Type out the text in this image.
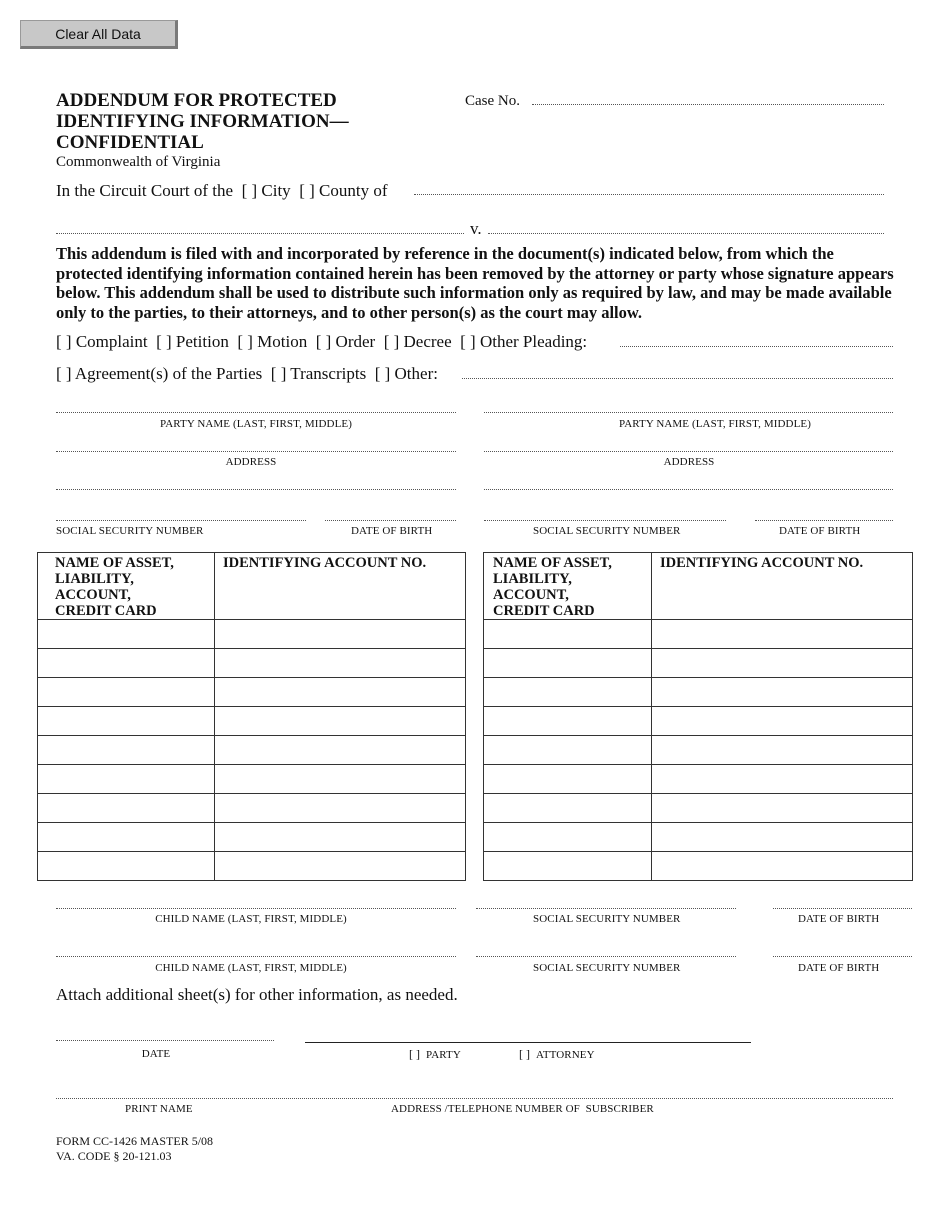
Clear All Data
ADDENDUM FOR PROTECTED
IDENTIFYING INFORMATION—
CONFIDENTIAL
Commonwealth of Virginia
Case No.
In the Circuit Court of the [ ] City [ ] County of
v.
This addendum is filed with and incorporated by reference in the document(s) indicated below, from which the protected identifying information contained herein has been removed by the attorney or party whose signature appears below. This addendum shall be used to distribute such information only as required by law, and may be made available only to the parties, to their attorneys, and to other person(s) as the court may allow.
[ ] Complaint [ ] Petition [ ] Motion [ ] Order [ ] Decree [ ] Other Pleading:
[ ] Agreement(s) of the Parties [ ] Transcripts [ ] Other:
PARTY NAME (LAST, FIRST, MIDDLE)
ADDRESS
SOCIAL SECURITY NUMBER	DATE OF BIRTH
PARTY NAME (LAST, FIRST, MIDDLE)
ADDRESS
SOCIAL SECURITY NUMBER	DATE OF BIRTH
NAME OF ASSET,
LIABILITY,
ACCOUNT,
CREDIT CARD	IDENTIFYING ACCOUNT NO.

		NAME OF ASSET,
LIABILITY,
ACCOUNT,
CREDIT CARD	IDENTIFYING ACCOUNT NO.

CHILD NAME (LAST, FIRST, MIDDLE)	SOCIAL SECURITY NUMBER	DATE OF BIRTH
CHILD NAME (LAST, FIRST, MIDDLE)	SOCIAL SECURITY NUMBER	DATE OF BIRTH
Attach additional sheet(s) for other information, as needed.
DATE	[ ] PARTY	[ ] ATTORNEY
PRINT NAME	ADDRESS /TELEPHONE NUMBER OF  SUBSCRIBER
FORM CC-1426 MASTER 5/08
VA. CODE § 20-121.03
